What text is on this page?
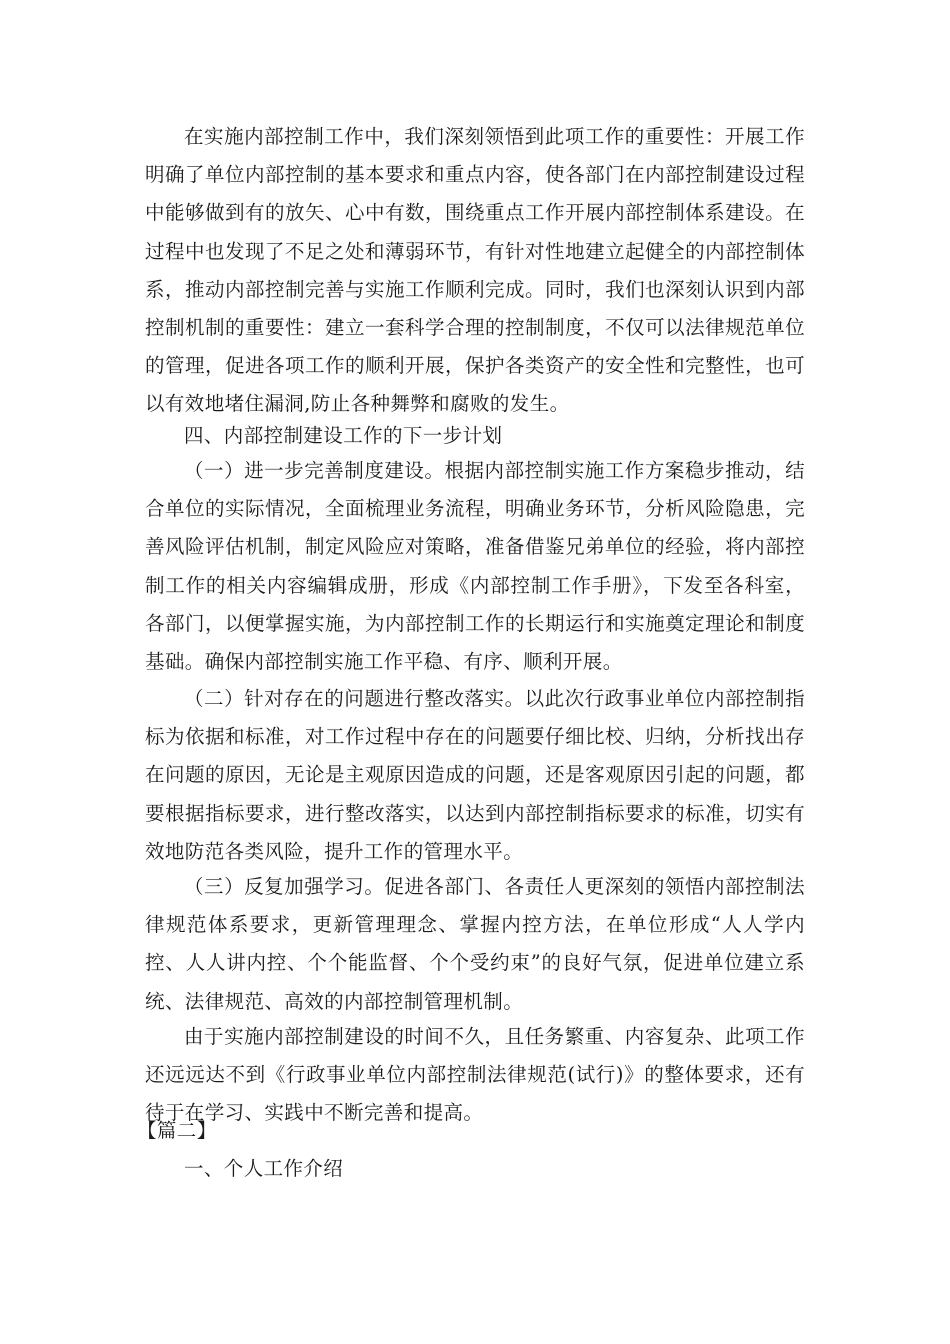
在实施内部控制工作中，我们深刻领悟到此项工作的重要性：开展工作明确了单位内部控制的基本要求和重点内容，使各部门在内部控制建设过程中能够做到有的放矢、心中有数，围绕重点工作开展内部控制体系建设。在过程中也发现了不足之处和薄弱环节，有针对性地建立起健全的内部控制体系，推动内部控制完善与实施工作顺利完成。同时，我们也深刻认识到内部控制机制的重要性：建立一套科学合理的控制制度，不仅可以法律规范单位的管理，促进各项工作的顺利开展，保护各类资产的安全性和完整性，也可以有效地堵住漏洞,防止各种舞弊和腐败的发生。

四、内部控制建设工作的下一步计划

（一）进一步完善制度建设。根据内部控制实施工作方案稳步推动，结合单位的实际情况，全面梳理业务流程，明确业务环节，分析风险隐患，完善风险评估机制，制定风险应对策略，准备借鉴兄弟单位的经验，将内部控制工作的相关内容编辑成册，形成《内部控制工作手册》，下发至各科室，各部门，以便掌握实施，为内部控制工作的长期运行和实施奠定理论和制度基础。确保内部控制实施工作平稳、有序、顺利开展。

（二）针对存在的问题进行整改落实。以此次行政事业单位内部控制指标为依据和标准，对工作过程中存在的问题要仔细比校、归纳，分析找出存在问题的原因，无论是主观原因造成的问题，还是客观原因引起的问题，都要根据指标要求，进行整改落实，以达到内部控制指标要求的标准，切实有效地防范各类风险，提升工作的管理水平。

（三）反复加强学习。促进各部门、各责任人更深刻的领悟内部控制法律规范体系要求，更新管理理念、掌握内控方法，在单位形成“人人学内控、人人讲内控、个个能监督、个个受约束”的良好气氛，促进单位建立系统、法律规范、高效的内部控制管理机制。

由于实施内部控制建设的时间不久，且任务繁重、内容复杂、此项工作还远远达不到《行政事业单位内部控制法律规范(试行)》的整体要求，还有待于在学习、实践中不断完善和提高。

【篇二】

一、个人工作介绍
